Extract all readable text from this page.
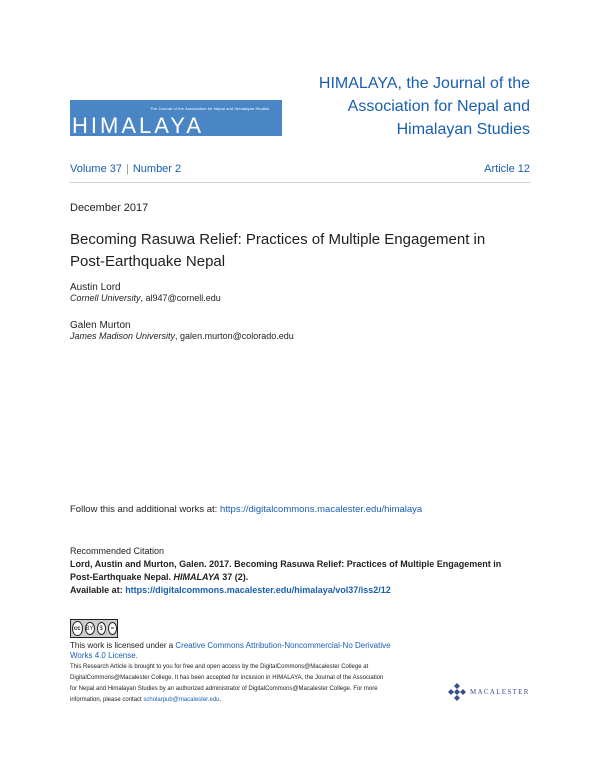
The Journal of the Association for Nepal and Himalayan Studies
HIMALAYA
HIMALAYA, the Journal of the
Association for Nepal and
Himalayan Studies
Volume 37 | Number 2	Article 12
December 2017
Becoming Rasuwa Relief: Practices of Multiple Engagement in
Post-Earthquake Nepal
Austin Lord
Cornell University, al947@cornell.edu
Galen Murton
James Madison University, galen.murton@colorado.edu
Follow this and additional works at: https://digitalcommons.macalester.edu/himalaya
Recommended Citation
Lord, Austin and Murton, Galen. 2017. Becoming Rasuwa Relief: Practices of Multiple Engagement in
Post-Earthquake Nepal. HIMALAYA 37 (2).
Available at: https://digitalcommons.macalester.edu/himalaya/vol37/iss2/12
cc BY $	=
This work is licensed under a Creative Commons Attribution-Noncommercial-No Derivative
Works 4.0 License.
This Research Article is brought to you for free and open access by the DigitalCommons@Macalester College at
DigitalCommons@Macalester College. It has been accepted for inclusion in HIMALAYA, the Journal of the Association
for Nepal and Himalayan Studies by an authorized administrator of DigitalCommons@Macalester College. For more
information, please contact scholarpub@macalester.edu.
MACALESTER
